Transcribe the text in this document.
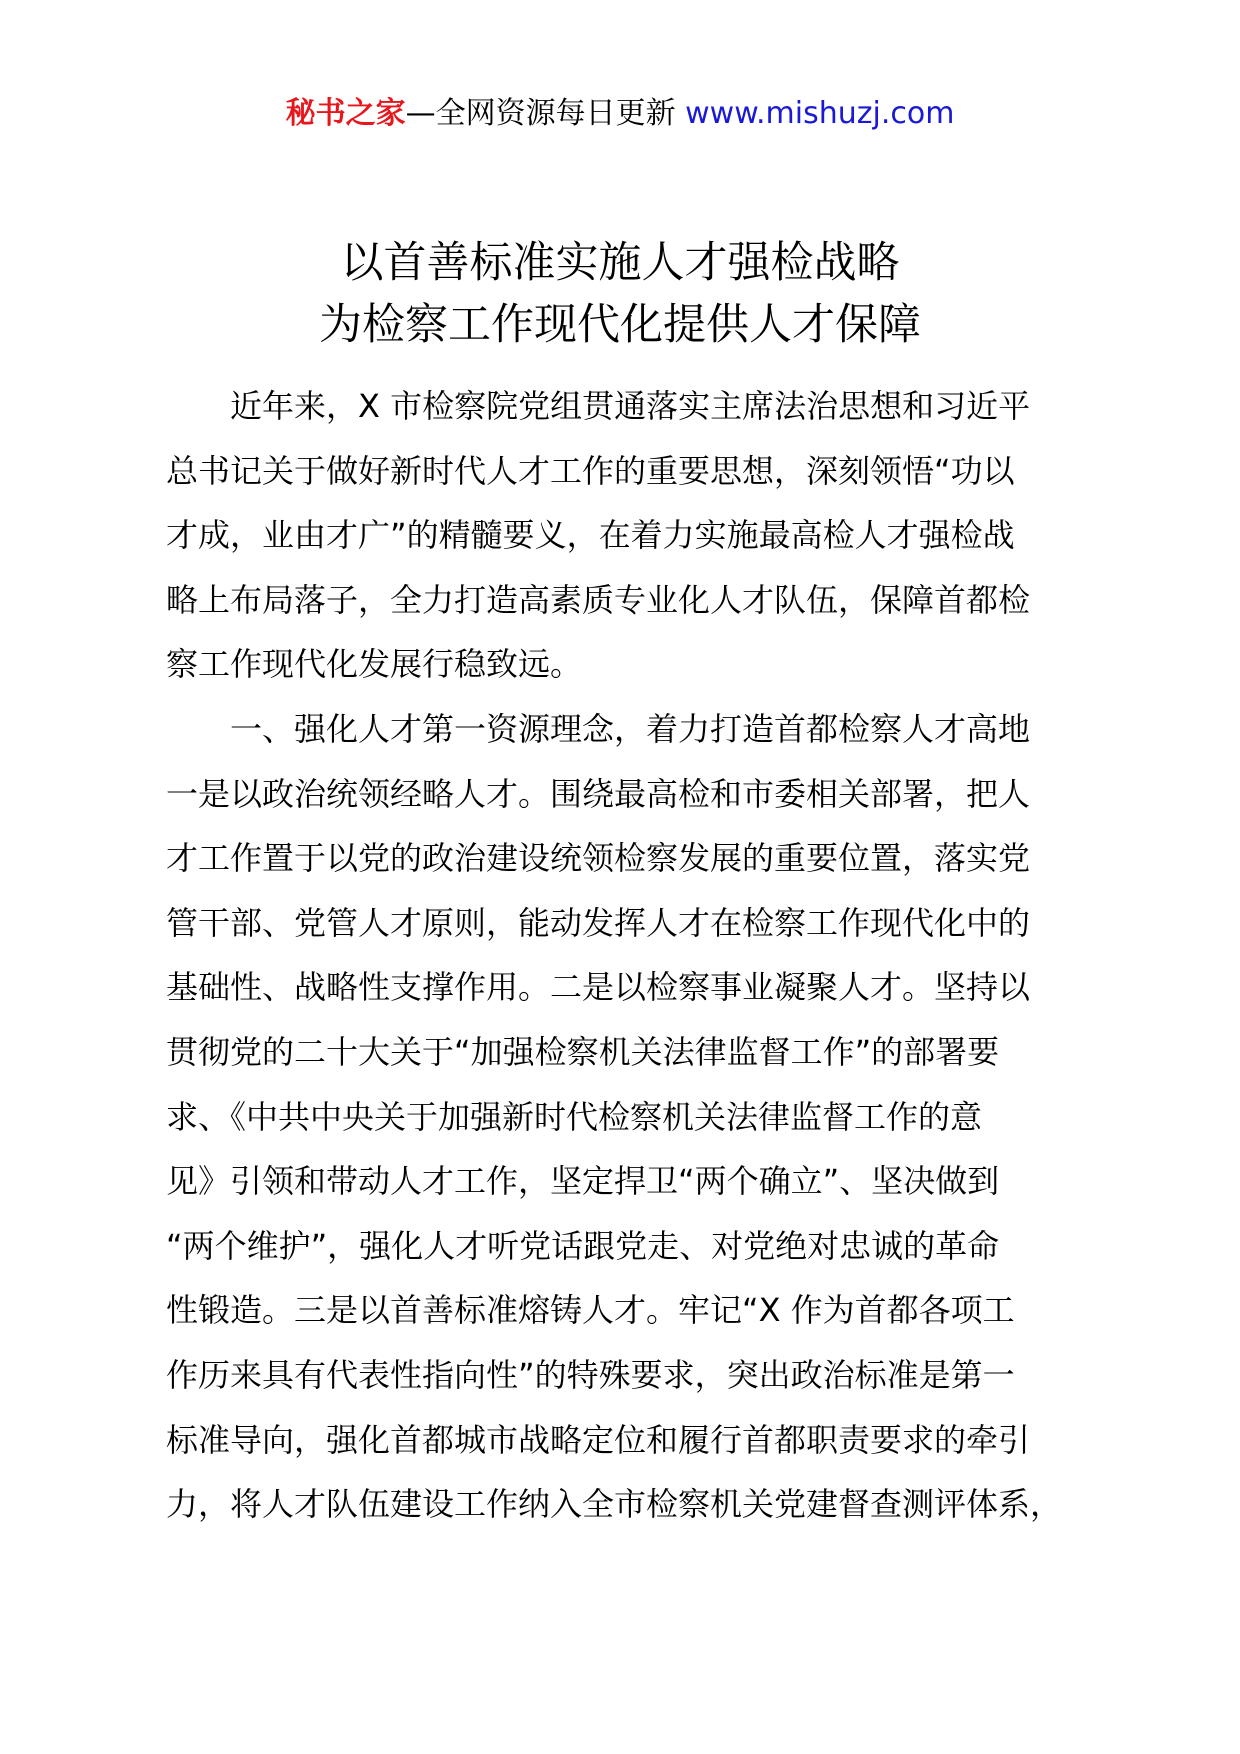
秘书之家—全网资源每日更新 www.mishuzj.com
以首善标准实施人才强检战略
为检察工作现代化提供人才保障

近年来，X 市检察院党组贯通落实主席法治思想和习近平
总书记关于做好新时代人才工作的重要思想，深刻领悟“功以
才成，业由才广”的精髓要义，在着力实施最高检人才强检战
略上布局落子，全力打造高素质专业化人才队伍，保障首都检
察工作现代化发展行稳致远。

一、强化人才第一资源理念，着力打造首都检察人才高地

一是以政治统领经略人才。围绕最高检和市委相关部署，把人
才工作置于以党的政治建设统领检察发展的重要位置，落实党
管干部、党管人才原则，能动发挥人才在检察工作现代化中的
基础性、战略性支撑作用。二是以检察事业凝聚人才。坚持以
贯彻党的二十大关于“加强检察机关法律监督工作”的部署要
求、《中共中央关于加强新时代检察机关法律监督工作的意
见》引领和带动人才工作，坚定捍卫“两个确立”、坚决做到
“两个维护”，强化人才听党话跟党走、对党绝对忠诚的革命
性锻造。三是以首善标准熔铸人才。牢记“X 作为首都各项工
作历来具有代表性指向性”的特殊要求，突出政治标准是第一
标准导向，强化首都城市战略定位和履行首都职责要求的牵引
力，将人才队伍建设工作纳入全市检察机关党建督查测评体系，
